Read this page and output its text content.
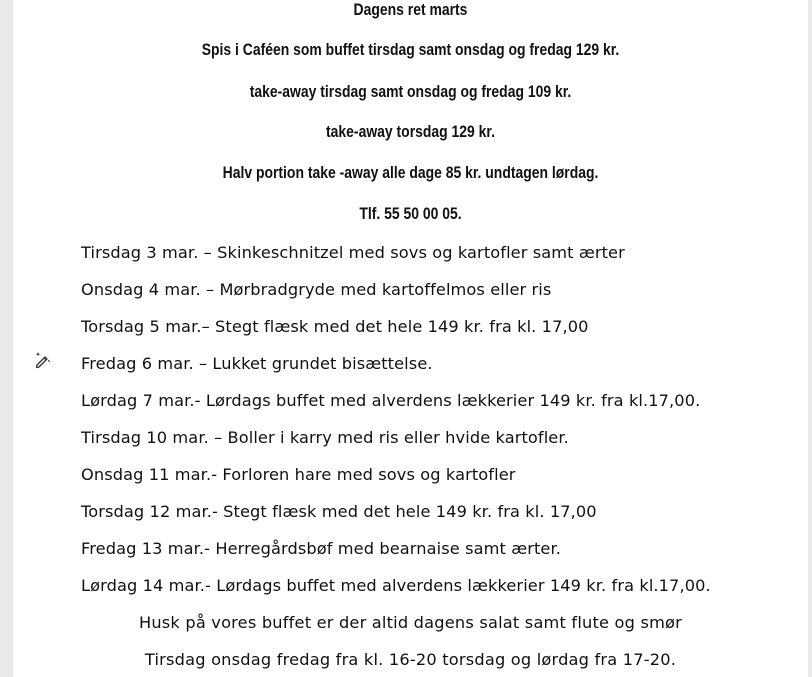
Dagens ret marts

Spis i Caféen som buffet tirsdag samt onsdag og fredag 129 kr.

take-away tirsdag samt onsdag og fredag 109 kr.

take-away torsdag 129 kr.

Halv portion take -away alle dage 85 kr. undtagen lørdag.

Tlf. 55 50 00 05.

Tirsdag 3 mar. – Skinkeschnitzel med sovs og kartofler samt ærter

Onsdag 4 mar. – Mørbradgryde med kartoffelmos eller ris

Torsdag 5 mar.– Stegt flæsk med det hele 149 kr. fra kl. 17,00

Fredag 6 mar. – Lukket grundet bisættelse.

Lørdag 7 mar.- Lørdags buffet med alverdens lækkerier 149 kr. fra kl.17,00.

Tirsdag 10 mar. – Boller i karry med ris eller hvide kartofler.

Onsdag 11 mar.- Forloren hare med sovs og kartofler

Torsdag 12 mar.- Stegt flæsk med det hele 149 kr. fra kl. 17,00

Fredag 13 mar.- Herregårdsbøf med bearnaise samt ærter.

Lørdag 14 mar.- Lørdags buffet med alverdens lækkerier 149 kr. fra kl.17,00.

Husk på vores buffet er der altid dagens salat samt flute og smør

Tirsdag onsdag fredag fra kl. 16-20 torsdag og lørdag fra 17-20.
